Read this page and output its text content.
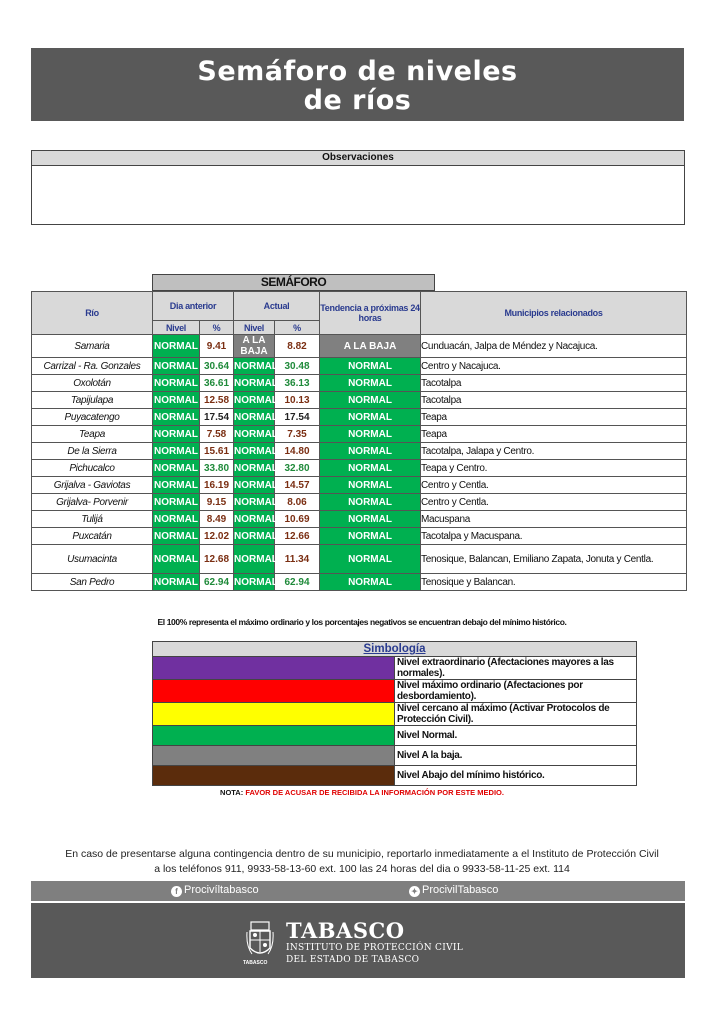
Semáforo de niveles
de ríos
Observaciones
SEMÁFORO
Río	Dia anterior		Actual		Tendencia a próximas 24 horas	Municipios relacionados
	Nivel	%	Nivel	%		
Samaria	NORMAL	9.41	A LA BAJA	8.82	A LA BAJA	Cunduacán, Jalpa de Méndez y Nacajuca.
Carrizal - Ra. Gonzales	NORMAL	30.64	NORMAL	30.48	NORMAL	Centro y Nacajuca.
Oxolotán	NORMAL	36.61	NORMAL	36.13	NORMAL	Tacotalpa
Tapijulapa	NORMAL	12.58	NORMAL	10.13	NORMAL	Tacotalpa
Puyacatengo	NORMAL	17.54	NORMAL	17.54	NORMAL	Teapa
Teapa	NORMAL	7.58	NORMAL	7.35	NORMAL	Teapa
De la Sierra	NORMAL	15.61	NORMAL	14.80	NORMAL	Tacotalpa, Jalapa y Centro.
Pichucalco	NORMAL	33.80	NORMAL	32.80	NORMAL	Teapa y Centro.
Grijalva - Gaviotas	NORMAL	16.19	NORMAL	14.57	NORMAL	Centro y Centla.
Grijalva- Porvenir	NORMAL	9.15	NORMAL	8.06	NORMAL	Centro y Centla.
Tulijá	NORMAL	8.49	NORMAL	10.69	NORMAL	Macuspana
Puxcatán	NORMAL	12.02	NORMAL	12.66	NORMAL	Tacotalpa y Macuspana.
Usumacinta	NORMAL	12.68	NORMAL	11.34	NORMAL	Tenosique, Balancan, Emiliano Zapata, Jonuta y Centla.
San Pedro	NORMAL	62.94	NORMAL	62.94	NORMAL	Tenosique y Balancan.
El 100% representa el máximo ordinario y los porcentajes negativos se encuentran debajo del mínimo histórico.
Simbología	
	Nivel extraordinario (Afectaciones mayores a las normales).
	Nivel máximo ordinario (Afectaciones por desbordamiento).
	Nivel cercano al máximo (Activar Protocolos de Protección Civil).
	Nivel Normal.
	Nivel A la baja.
	Nivel Abajo del mínimo histórico.
NOTA: FAVOR DE ACUSAR DE RECIBIDA LA INFORMACIÓN POR ESTE MEDIO.
En caso de presentarse alguna contingencia dentro de su municipio, reportarlo inmediatamente a el Instituto de Protección Civil
a los teléfonos 911, 9933-58-13-60 ext. 100 las 24 horas del dia o 9933-58-11-25 ext. 114
f Procivíltabasco	✦ ProcivilTabasco
TABASCO
TABASCO
INSTITUTO DE PROTECCIÓN CIVIL
DEL ESTADO DE TABASCO
